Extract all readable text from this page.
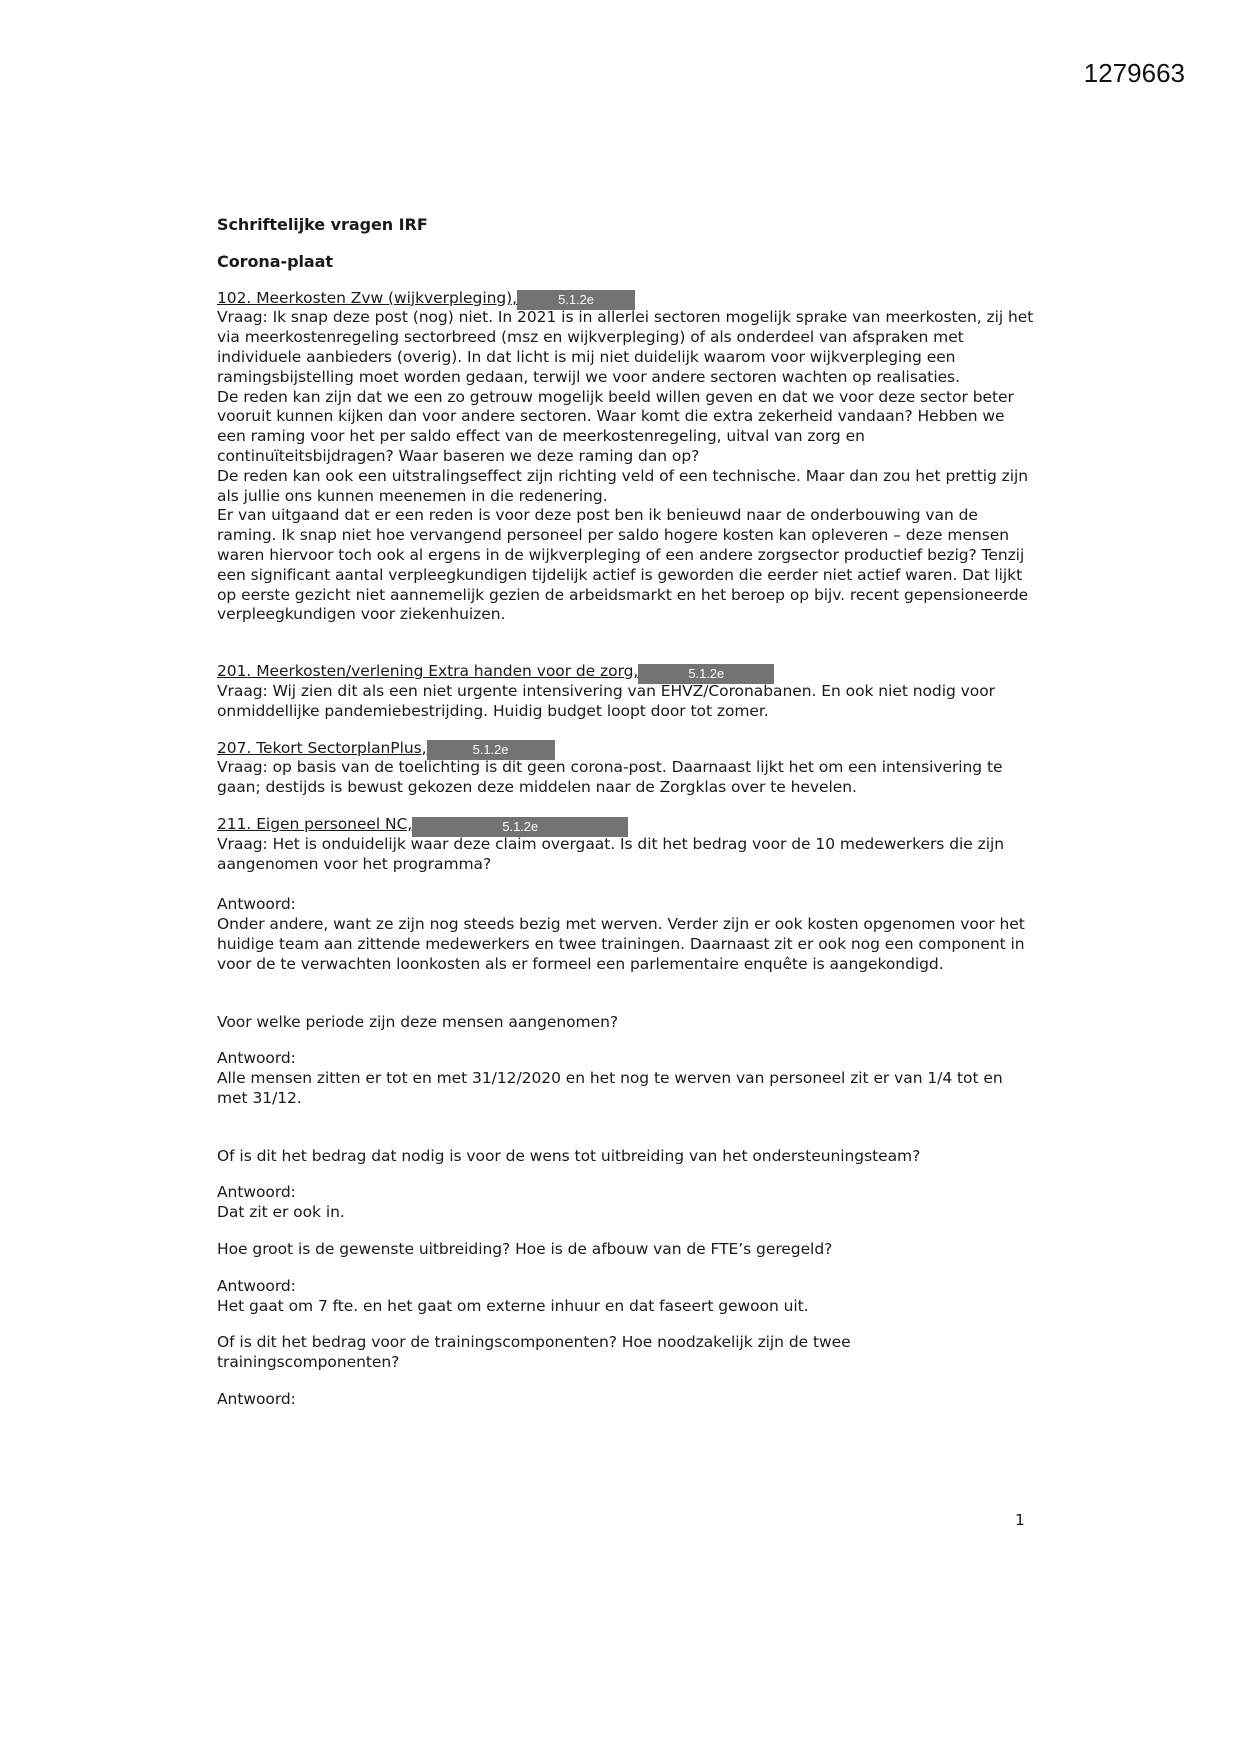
1279663
Schriftelijke vragen IRF
Corona-plaat
102. Meerkosten Zvw (wijkverpleging),	5.1.2e

Vraag: Ik snap deze post (nog) niet. In 2021 is in allerlei sectoren mogelijk sprake van meerkosten, zij het via meerkostenregeling sectorbreed (msz en wijkverpleging) of als onderdeel van afspraken met individuele aanbieders (overig). In dat licht is mij niet duidelijk waarom voor wijkverpleging een ramingsbijstelling moet worden gedaan, terwijl we voor andere sectoren wachten op realisaties.

De reden kan zijn dat we een zo getrouw mogelijk beeld willen geven en dat we voor deze sector beter vooruit kunnen kijken dan voor andere sectoren. Waar komt die extra zekerheid vandaan? Hebben we een raming voor het per saldo effect van de meerkostenregeling, uitval van zorg en continuïteitsbijdragen? Waar baseren we deze raming dan op?

De reden kan ook een uitstralingseffect zijn richting veld of een technische. Maar dan zou het prettig zijn als jullie ons kunnen meenemen in die redenering.

Er van uitgaand dat er een reden is voor deze post ben ik benieuwd naar de onderbouwing van de raming. Ik snap niet hoe vervangend personeel per saldo hogere kosten kan opleveren – deze mensen waren hiervoor toch ook al ergens in de wijkverpleging of een andere zorgsector productief bezig? Tenzij een significant aantal verpleegkundigen tijdelijk actief is geworden die eerder niet actief waren. Dat lijkt op eerste gezicht niet aannemelijk gezien de arbeidsmarkt en het beroep op bijv. recent gepensioneerde verpleegkundigen voor ziekenhuizen.

201. Meerkosten/verlening Extra handen voor de zorg,	5.1.2e

Vraag: Wij zien dit als een niet urgente intensivering van EHVZ/Coronabanen. En ook niet nodig voor onmiddellijke pandemiebestrijding. Huidig budget loopt door tot zomer.

207. Tekort SectorplanPlus,	5.1.2e

Vraag: op basis van de toelichting is dit geen corona-post. Daarnaast lijkt het om een intensivering te gaan; destijds is bewust gekozen deze middelen naar de Zorgklas over te hevelen.

211. Eigen personeel NC,	5.1.2e

Vraag: Het is onduidelijk waar deze claim overgaat. Is dit het bedrag voor de 10 medewerkers die zijn aangenomen voor het programma?

Antwoord:

Onder andere, want ze zijn nog steeds bezig met werven. Verder zijn er ook kosten opgenomen voor het huidige team aan zittende medewerkers en twee trainingen. Daarnaast zit er ook nog een component in voor de te verwachten loonkosten als er formeel een parlementaire enquête is aangekondigd.

Voor welke periode zijn deze mensen aangenomen?

Antwoord:

Alle mensen zitten er tot en met 31/12/2020 en het nog te werven van personeel zit er van 1/4 tot en met 31/12.

Of is dit het bedrag dat nodig is voor de wens tot uitbreiding van het ondersteuningsteam?

Antwoord:

Dat zit er ook in.

Hoe groot is de gewenste uitbreiding? Hoe is de afbouw van de FTE’s geregeld?

Antwoord:

Het gaat om 7 fte. en het gaat om externe inhuur en dat faseert gewoon uit.

Of is dit het bedrag voor de trainingscomponenten? Hoe noodzakelijk zijn de twee trainingscomponenten?

Antwoord:

1
